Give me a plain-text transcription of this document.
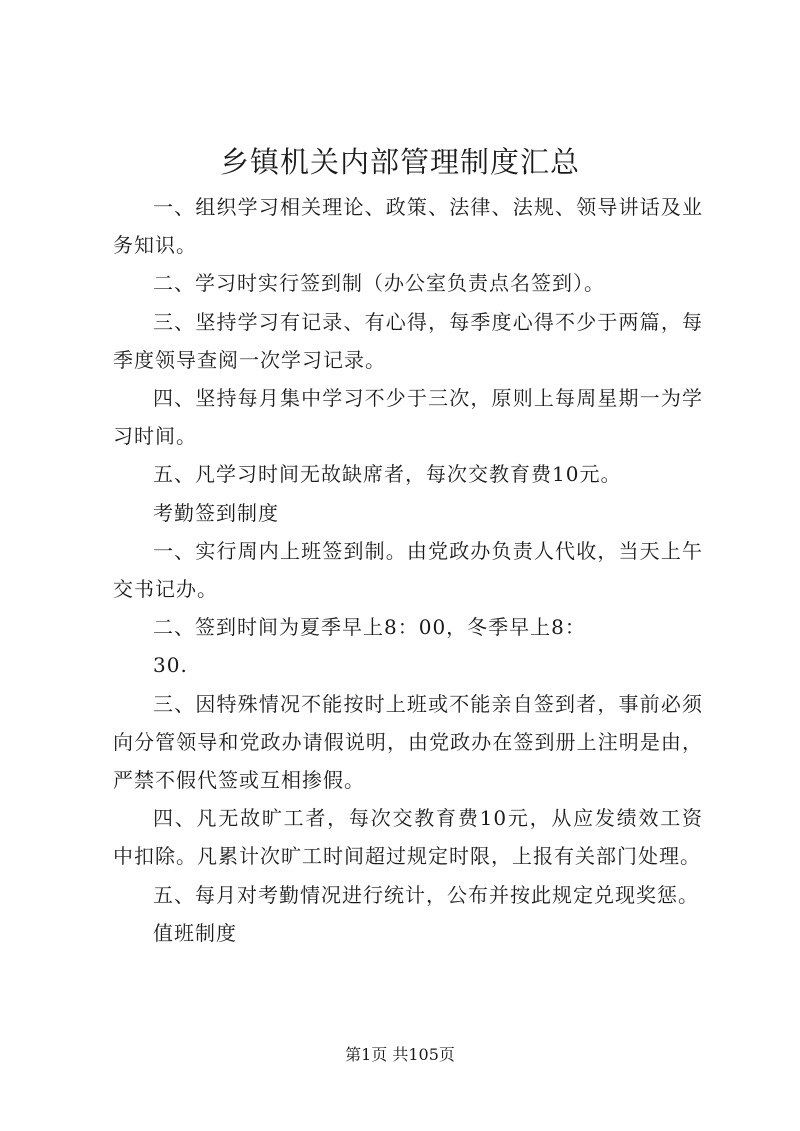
乡镇机关内部管理制度汇总

一、组织学习相关理论、政策、法律、法规、领导讲话及业务知识。

二、学习时实行签到制（办公室负责点名签到）。

三、坚持学习有记录、有心得，每季度心得不少于两篇，每季度领导查阅一次学习记录。

四、坚持每月集中学习不少于三次，原则上每周星期一为学习时间。

五、凡学习时间无故缺席者，每次交教育费10元。

考勤签到制度

一、实行周内上班签到制。由党政办负责人代收，当天上午交书记办。

二、签到时间为夏季早上8：00，冬季早上8：

30.

三、因特殊情况不能按时上班或不能亲自签到者，事前必须向分管领导和党政办请假说明，由党政办在签到册上注明是由，严禁不假代签或互相掺假。

四、凡无故旷工者，每次交教育费10元，从应发绩效工资中扣除。凡累计次旷工时间超过规定时限，上报有关部门处理。

五、每月对考勤情况进行统计，公布并按此规定兑现奖惩。

值班制度

第1页 共105页
